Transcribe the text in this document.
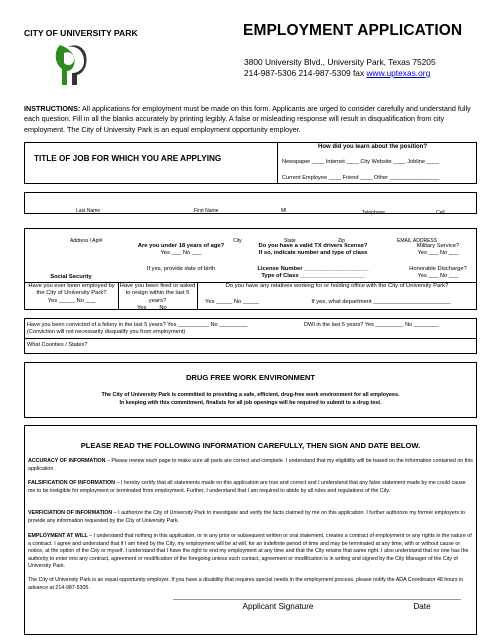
CITY OF UNIVERSITY PARK	EMPLOYMENT APPLICATION
3800 University Blvd., University Park, Texas 75205
214-987-5306 214-987-5309 fax www.uptexas.org
INSTRUCTIONS: All applications for employment must be made on this form. Applicants are urged to consider carefully and understand fully each question. Fill in all the blanks accurately by printing legibly. A false or misleading response will result in disqualification from city employment. The City of University Park is an equal employment opportunity employer.
TITLE OF JOB FOR WHICH YOU ARE APPLYING
How did you learn about the position?
Newspaper ____ Internet ____ City Website ____ Jobline ____
Current Employee ____ Friend ____ Other ________________
Last Name	First Name	MI	Telephone	Cell
Address / Apt#	City	State	Zip	EMAIL ADDRESS
Are you under 18 years of age?
Yes ___ No ___
If yes, provide date of birth
Do you have a valid TX drivers license?
If so, indicate number and type of class
License Number ____________________
Type of Class ____________________
Military Service?
Yes ___ No ___
Honorable Discharge?
Yes ___ No ___
Social Security
Have you ever been employed by the City of University Park?
Yes _____ No ___
Have you been fired or asked to resign within the last 5 years?
Yes ___ No ___
Do you have any relatives working for or holding office with the City of University Park?
Yes _____ No _____	If yes, what department ________________________
Have you been convicted of a felony in the last 5 years? Yes __________ No _________
(Conviction will not necessarily disqualify you from employment)
DWI in the last 5 years? Yes _________ No ________
What Counties / States?
DRUG FREE WORK ENVIRONMENT
The City of University Park is committed to providing a safe, efficient, drug-free work environment for all employees.
In keeping with this commitment, finalists for all job openings will be required to submit to a drug test.
PLEASE READ THE FOLLOWING INFORMATION CAREFULLY, THEN SIGN AND DATE BELOW.
ACCURACY OF INFORMATION – Please review each page to make sure all parts are correct and complete. I understand that my eligibility will be based on the information contained on this application.
FALSIFICATION OF INFORMATION – I hereby certify that all statements made on this application are true and correct and I understand that any false statement made by me could cause me to be ineligible for employment or terminated from employment. Further, I understand that I am required to abide by all rules and regulations of the City.
VERFICIATION OF INFORMATION – I authorize the City of University Park to investigate and verify the facts claimed by me on this application. I further authorize my former employers to provide any information requested by the City of University Park.
EMPLOYMENT AT WILL – I understand that nothing in this application, or in any prior or subsequent written or oral statement, creates a contract of employment or any rights in the nature of a contract. I agree and understand that if I am hired by the City, my employment will be at will, for an indefinite period of time and may be terminated at any time, with or without cause or notice, at the option of the City or myself. I understand that I have the right to end my employment at any time and that the City retains that same right. I also understand that no one has the authority to enter into any contract, agreement or modification of the foregoing unless such contact, agreement or modification is in writing and signed by the City Manager of the City of University Park.
The City of University Park is an equal opportunity employer. If you have a disability that requires special needs in the employment process, please notify the ADA Coordinator 48 hours in advance at 214-987-5305.
Applicant Signature	Date
